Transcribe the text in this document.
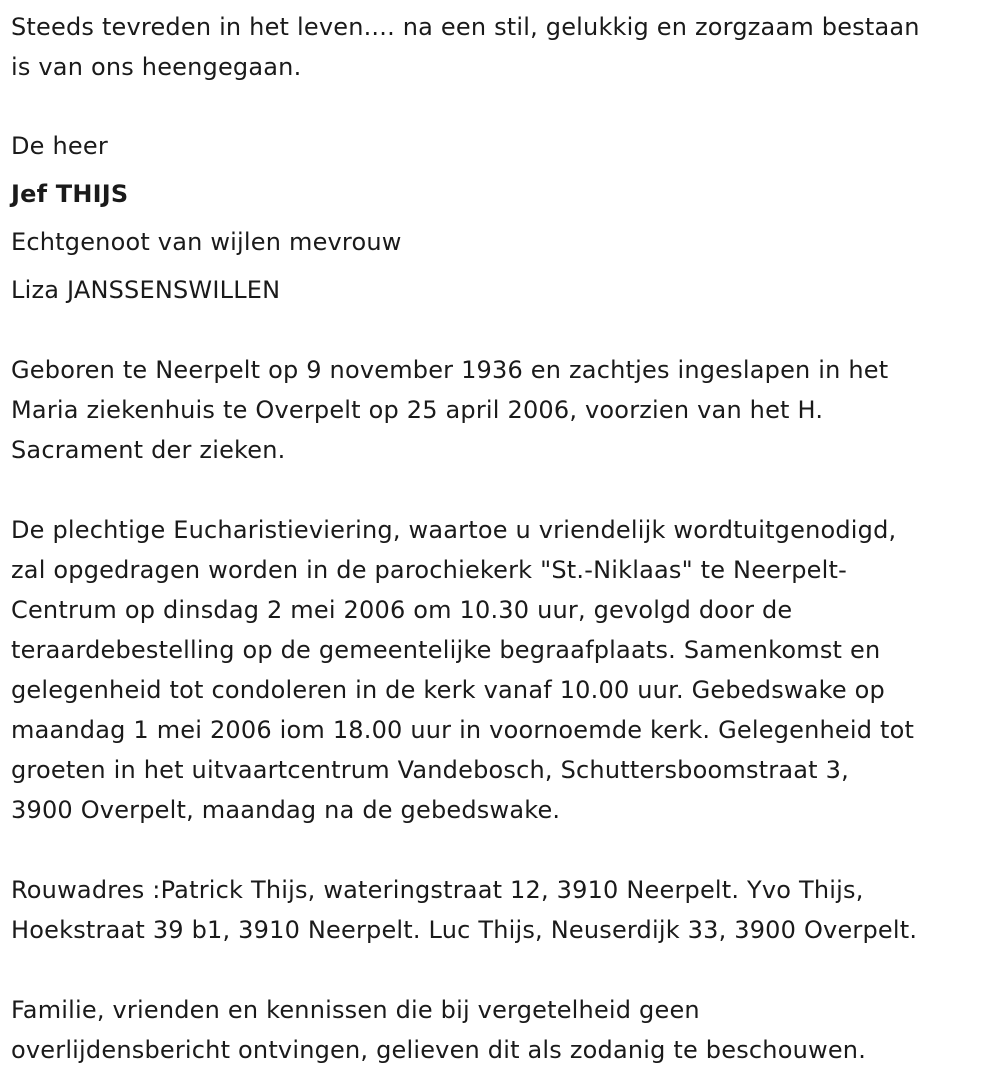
Steeds tevreden in het leven.... na een stil, gelukkig en zorgzaam bestaan
is van ons heengegaan.
De heer
Jef THIJS
Echtgenoot van wijlen mevrouw
Liza JANSSENSWILLEN
Geboren te Neerpelt op 9 november 1936 en zachtjes ingeslapen in het
Maria ziekenhuis te Overpelt op 25 april 2006, voorzien van het H.
Sacrament der zieken.
De plechtige Eucharistieviering, waartoe u vriendelijk wordtuitgenodigd,
zal opgedragen worden in de parochiekerk "St.-Niklaas" te Neerpelt-
Centrum op dinsdag 2 mei 2006 om 10.30 uur, gevolgd door de
teraardebestelling op de gemeentelijke begraafplaats. Samenkomst en
gelegenheid tot condoleren in de kerk vanaf 10.00 uur. Gebedswake op
maandag 1 mei 2006 iom 18.00 uur in voornoemde kerk. Gelegenheid tot
groeten in het uitvaartcentrum Vandebosch, Schuttersboomstraat 3,
3900 Overpelt, maandag na de gebedswake.
Rouwadres :Patrick Thijs, wateringstraat 12, 3910 Neerpelt. Yvo Thijs,
Hoekstraat 39 b1, 3910 Neerpelt. Luc Thijs, Neuserdijk 33, 3900 Overpelt.
Familie, vrienden en kennissen die bij vergetelheid geen
overlijdensbericht ontvingen, gelieven dit als zodanig te beschouwen.
